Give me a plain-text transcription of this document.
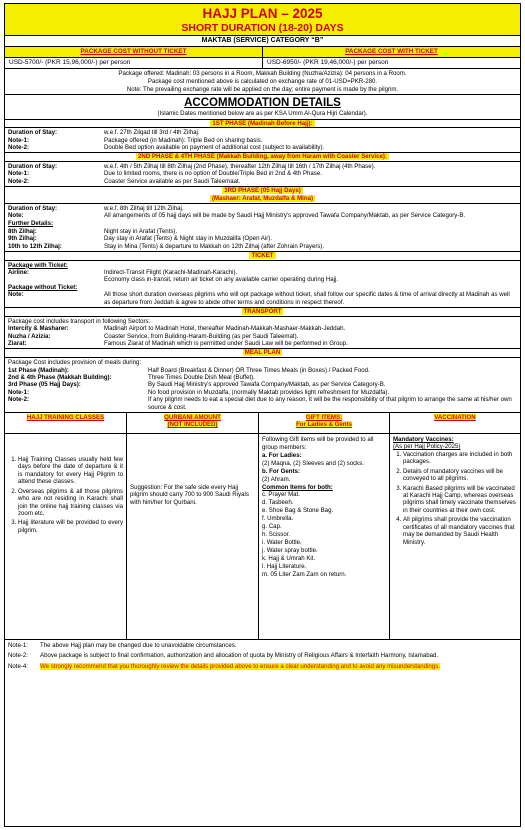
HAJJ PLAN – 2025
SHORT DURATION (18-20) DAYS
MAKTAB (SERVICE) CATEGORY “B”
PACKAGE COST WITHOUT TICKET
USD-5700/- (PKR 15,96,000/-) per person
PACKAGE COST WITH TICKET
USD-6950/- (PKR 19,46,000/-) per person
Package offered: Madinah: 03 persons in a Room, Makkah Building (Nuzha/Azizia): 04 persons in a Room.
Package cost mentioned above is calculated on exchange rate of 01-USD=PKR-280.
Note: The prevailing exchange rate will be applied on the day; entire payment is made by the pilgrim.
ACCOMMODATION DETAILS
(Islamic Dates mentioned below are as per KSA Umm Al-Qura Hijri Calendar).
1ST PHASE (Madinah Before Hajj):
Duration of Stay:	w.e.f. 27th Zilqad till 3rd / 4th Zilhaj.
Note-1:	Package offered (in Madinah): Triple Bed on sharing basis.
Note-2:	Double Bed option available on payment of additional cost (subject to availability).
2ND PHASE & 4TH PHASE (Makkah Building, away from Haram with Coaster Service):
Duration of Stay:	w.e.f. 4th / 5th Zilhaj till 8th Zilhaj (2nd Phase), thereafter 12th Zilhaj till 16th / 17th Zilhaj (4th Phase).
Note-1:	Due to limited rooms, there is no option of Double/Triple Bed in 2nd & 4th Phase.
Note-2:	Coaster Service available as per Saudi Taleemaat.
3RD PHASE (05 Hajj Days)
(Mashaer: Arafat, Muzdalfa & Mina)
Duration of Stay:	w.e.f. 8th Zilhaj till 12th Zilhaj.
Note:	All arrangements of 05 hajj days will be made by Saudi Hajj Ministry's approved Tawafa Company/Maktab, as per Service Category-B.
Further Details:
8th Zilhaj:	Night stay in Arafat (Tents).
9th Zilhaj:	Day stay in Arafat (Tents) & Night stay in Muzdalifa (Open Air).
10th to 12th Zilhaj:	Stay in Mina (Tents) & departure to Makkah on 12th Zilhaj (after Zohrain Prayers).
TICKET
Package with Ticket:
Airline:	Indirect-Transit Flight (Karachi-Madinah-Karachi).
Economy class in-transit, return air ticket on any available carrier operating during Hajj.
Package without Ticket:
Note:	All those short duration overseas pilgrims who will opt package without ticket, shall follow our specific dates & time of arrival directly at Madinah as well as departure from Jeddah & agree to abide other terms and conditions in respect thereof.
TRANSPORT
Package cost includes transport in following Sectors:
Intercity & Masharer:	Madinah Airport to Madinah Hotel, thereafter Madinah-Makkah-Mashaer-Makkah-Jeddah.
Nuzha / Azizia:	Coaster Service, from Building-Haram-Building (as per Saudi Taleemat).
Ziarat:	Famous Ziarat of Madinah which is permitted under Saudi Law will be performed in Group.
MEAL PLAN
Package Cost includes provision of meals during:
1st Phase (Madinah):	Half Board (Breakfast & Dinner) OR Three Times Meals (in Boxes) / Packed Food.
2nd & 4th Phase (Makkah Building):	Three Times Double Dish Meal (Buffet).
3rd Phase (05 Hajj Days):	By Saudi Hajj Ministry's approved Tawafa Company/Maktab, as per Service Category-B.
Note-1:	No food provision in Muzdalfa, (normally Maktab provides light refreshment for Muzdalfa).
Note-2:	If any pilgrim needs to eat a special diet due to any reason, it will be the responsibility of that pilgrim to arrange the same at his/her own source & cost.
HAJJ TRAINING CLASSES
1. Hajj Training Classes usually held few days before the date of departure & it is mandatory for every Hajj Pilgrim to attend these classes.
2. Overseas pilgrims & all those pilgrims who are not residing in Karachi shall join the online hajj training classes via zoom etc.
3. Hajj literature will be provided to every pilgrim.
QURBANI AMOUNT
(NOT INCLUDED)
Suggestion: For the safe side every Hajj pilgrim should carry 700 to 900 Saudi Riyals with him/her for Qurbani.
GIFT ITEMS:
For Ladies & Gents
Following Gift items will be provided to all group members:
a. For Ladies:
(2) Maqna, (2) Sleeves and (2) socks.
b. For Gents:
(2) Ahram.
Common Items for both:
c. Prayer Mat.
d. Tasbeeh.
e. Shoe Bag & Stone Bag.
f. Umbrella.
g. Cap.
h. Scissor.
i. Water Bottle.
j. Water spray bottle.
k. Hajj & Umrah Kit.
l. Hajj Literature.
m. 05 Liter Zam Zam on return.
VACCINATION
Mandatory Vaccines:
(As per Hajj Policy-2025)
1. Vaccination charges are included in both packages.
2. Details of mandatory vaccines will be conveyed to all pilgrims.
3. Karachi Based pilgrims will be vaccinated at Karachi Hajj Camp, whereas overseas pilgrims shall timely vaccinate themselves in their countries at their own cost.
4. All pilgrims shall provide the vaccination certificates of all mandatory vaccines that may be demanded by Saudi Health Ministry.
Note-1:	The above Hajj plan may be changed due to unavoidable circumstances.
Note-2:	Above package is subject to final confirmation, authorization and allocation of quota by Ministry of Religious Affairs & Interfaith Harmony, Islamabad.
Note-4:	We strongly recommend that you thoroughly review the details provided above to ensure a clear understanding and to avoid any misunderstandings.
